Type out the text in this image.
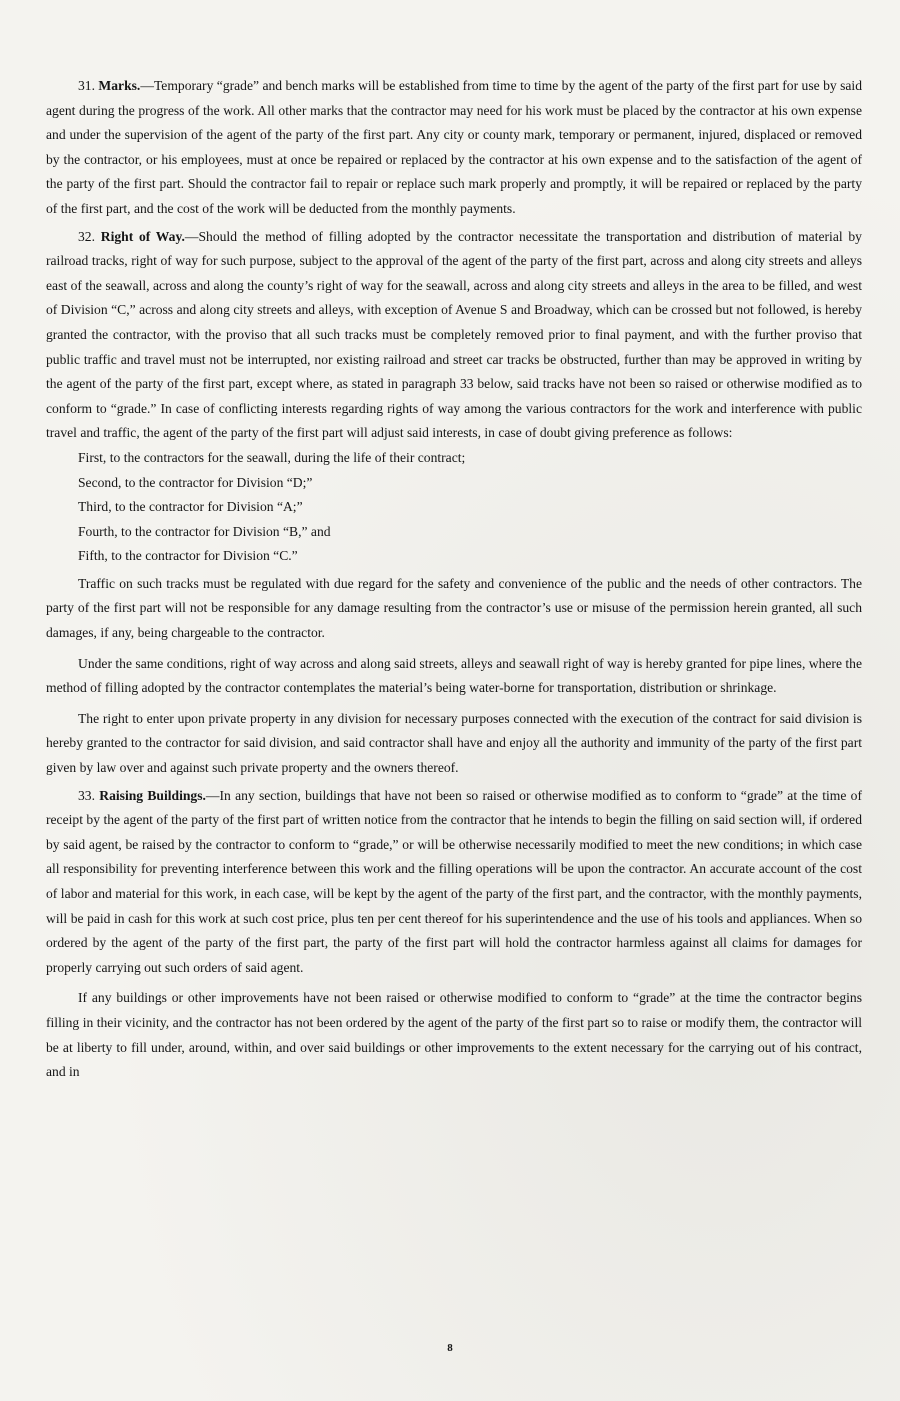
31. Marks.—Temporary “grade” and bench marks will be established from time to time by the agent of the party of the first part for use by said agent during the progress of the work. All other marks that the contractor may need for his work must be placed by the contractor at his own expense and under the supervision of the agent of the party of the first part. Any city or county mark, temporary or permanent, injured, displaced or removed by the contractor, or his employees, must at once be repaired or replaced by the contractor at his own expense and to the satisfaction of the agent of the party of the first part. Should the contractor fail to repair or replace such mark properly and promptly, it will be repaired or replaced by the party of the first part, and the cost of the work will be deducted from the monthly payments.

32. Right of Way.—Should the method of filling adopted by the contractor necessitate the transportation and distribution of material by railroad tracks, right of way for such purpose, subject to the approval of the agent of the party of the first part, across and along city streets and alleys east of the seawall, across and along the county’s right of way for the seawall, across and along city streets and alleys in the area to be filled, and west of Division “C,” across and along city streets and alleys, with exception of Avenue S and Broadway, which can be crossed but not followed, is hereby granted the contractor, with the proviso that all such tracks must be completely removed prior to final payment, and with the further proviso that public traffic and travel must not be interrupted, nor existing railroad and street car tracks be obstructed, further than may be approved in writing by the agent of the party of the first part, except where, as stated in paragraph 33 below, said tracks have not been so raised or otherwise modified as to conform to “grade.” In case of conflicting interests regarding rights of way among the various contractors for the work and interference with public travel and traffic, the agent of the party of the first part will adjust said interests, in case of doubt giving preference as follows:

First, to the contractors for the seawall, during the life of their contract;
Second, to the contractor for Division “D;”
Third, to the contractor for Division “A;”
Fourth, to the contractor for Division “B,” and
Fifth, to the contractor for Division “C.”

Traffic on such tracks must be regulated with due regard for the safety and convenience of the public and the needs of other contractors. The party of the first part will not be responsible for any damage resulting from the contractor’s use or misuse of the permission herein granted, all such damages, if any, being chargeable to the contractor.

Under the same conditions, right of way across and along said streets, alleys and seawall right of way is hereby granted for pipe lines, where the method of filling adopted by the contractor contemplates the material’s being water-borne for transportation, distribution or shrinkage.

The right to enter upon private property in any division for necessary purposes connected with the execution of the contract for said division is hereby granted to the contractor for said division, and said contractor shall have and enjoy all the authority and immunity of the party of the first part given by law over and against such private property and the owners thereof.

33. Raising Buildings.—In any section, buildings that have not been so raised or otherwise modified as to conform to “grade” at the time of receipt by the agent of the party of the first part of written notice from the contractor that he intends to begin the filling on said section will, if ordered by said agent, be raised by the contractor to conform to “grade,” or will be otherwise necessarily modified to meet the new conditions; in which case all responsibility for preventing interference between this work and the filling operations will be upon the contractor. An accurate account of the cost of labor and material for this work, in each case, will be kept by the agent of the party of the first part, and the contractor, with the monthly payments, will be paid in cash for this work at such cost price, plus ten per cent thereof for his superintendence and the use of his tools and appliances. When so ordered by the agent of the party of the first part, the party of the first part will hold the contractor harmless against all claims for damages for properly carrying out such orders of said agent.

If any buildings or other improvements have not been raised or otherwise modified to conform to “grade” at the time the contractor begins filling in their vicinity, and the contractor has not been ordered by the agent of the party of the first part so to raise or modify them, the contractor will be at liberty to fill under, around, within, and over said buildings or other improvements to the extent necessary for the carrying out of his contract, and in

8
